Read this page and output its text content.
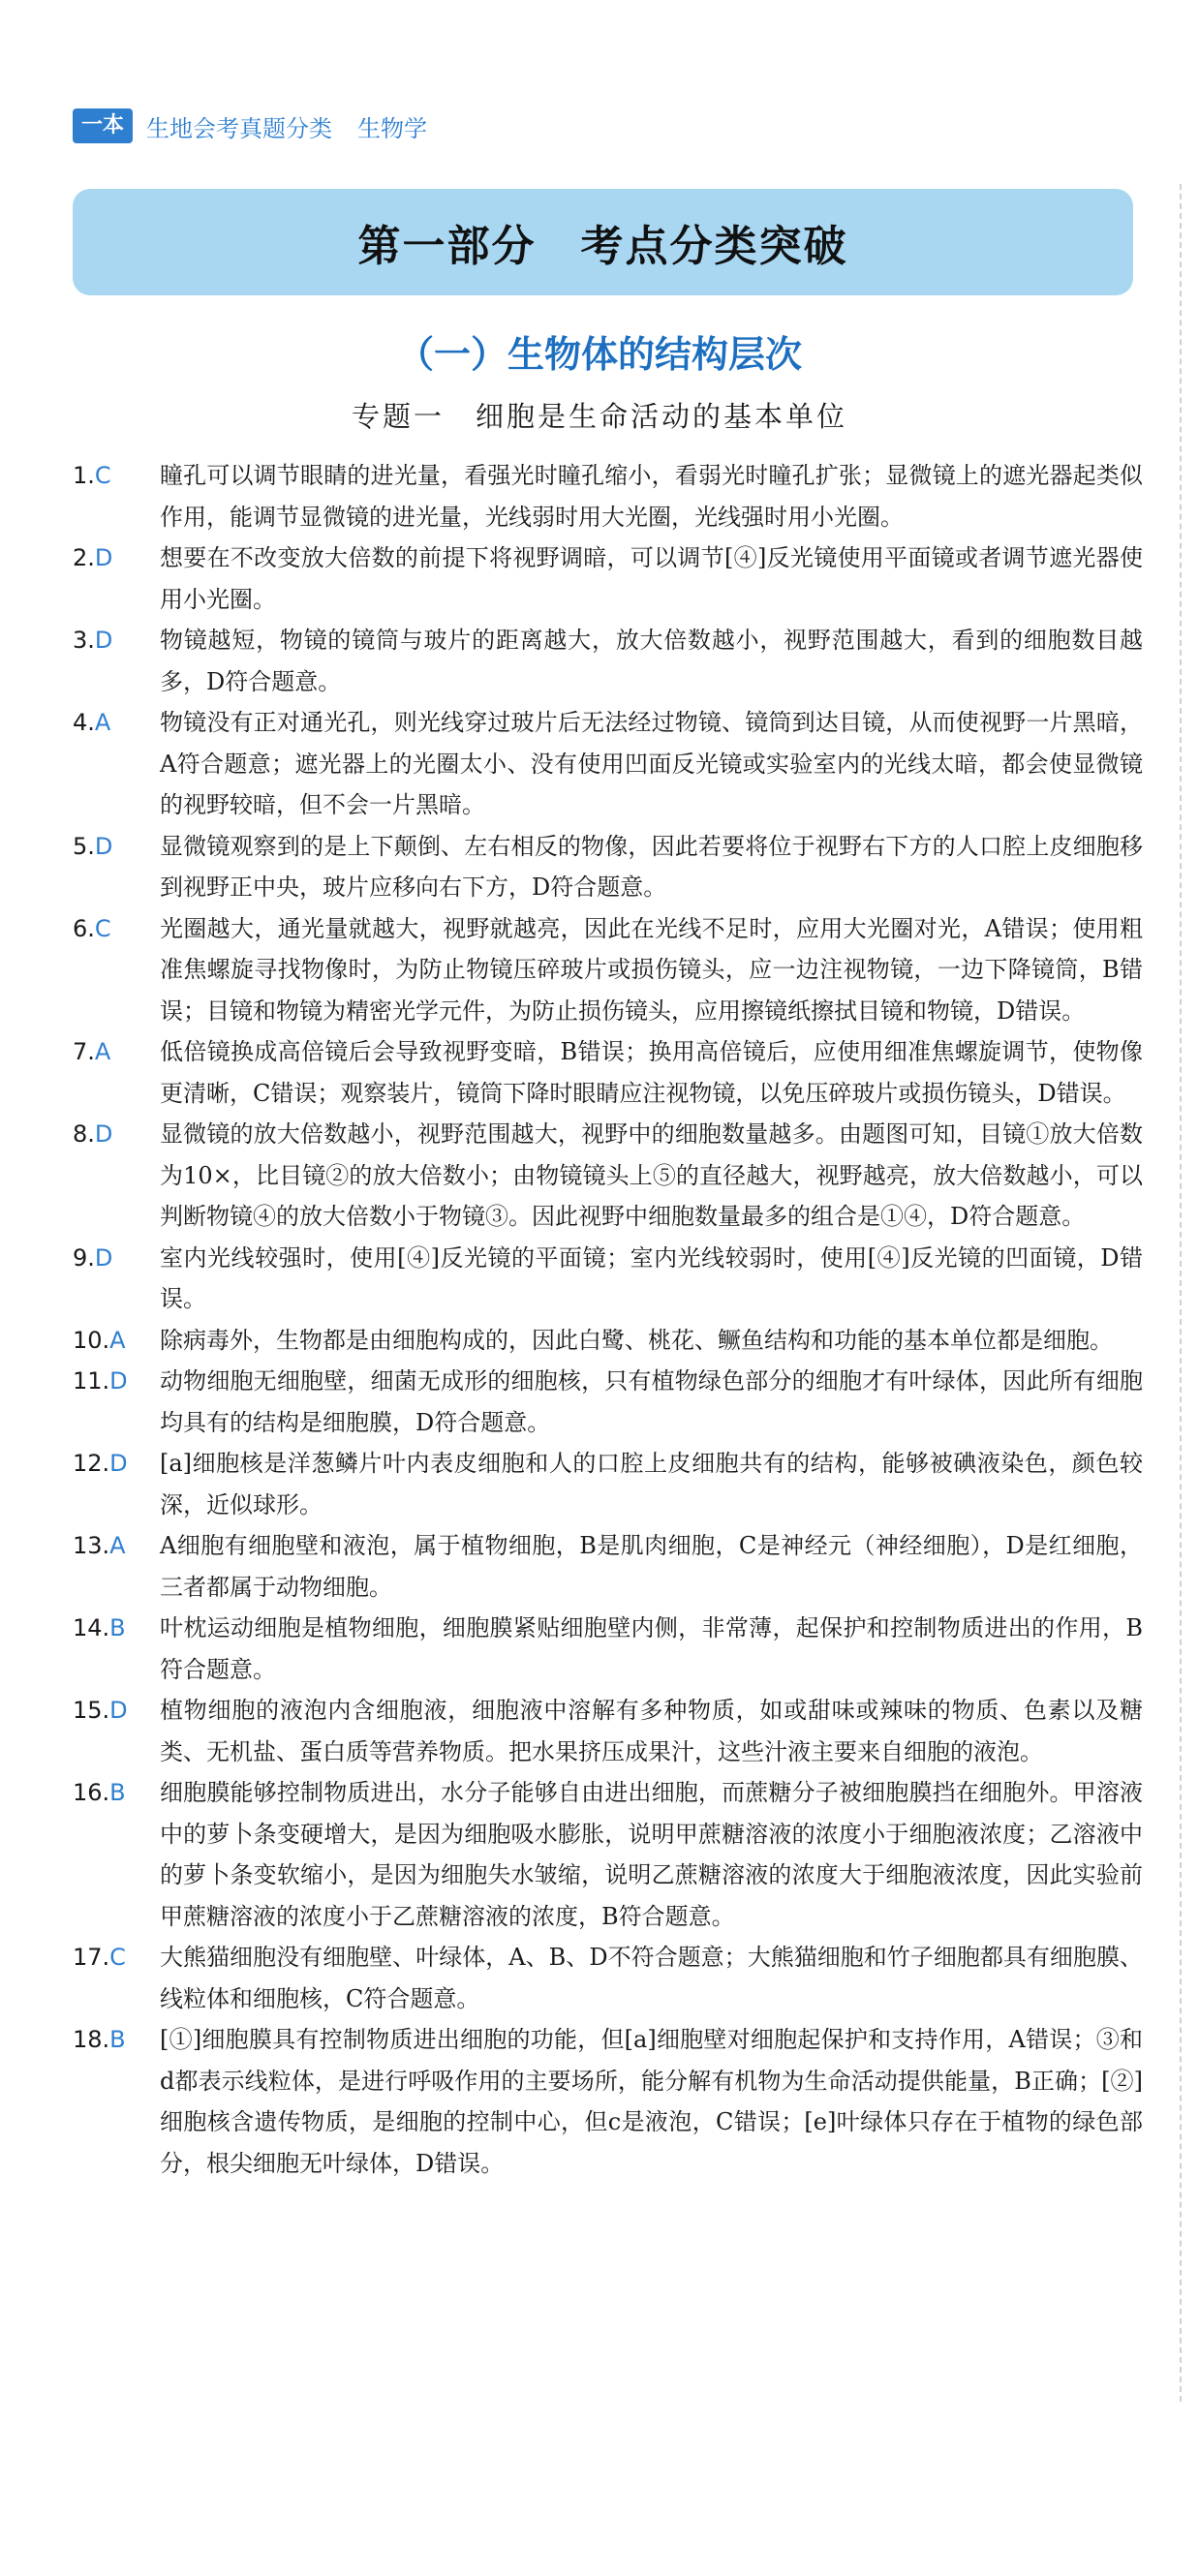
一本 生地会考真题分类 生物学
第一部分　考点分类突破
（一）生物体的结构层次
专题一　细胞是生命活动的基本单位
1.C 瞳孔可以调节眼睛的进光量，看强光时瞳孔缩小，看弱光时瞳孔扩张；显微镜上的遮光器起类似作用，能调节显微镜的进光量，光线弱时用大光圈，光线强时用小光圈。
2.D 想要在不改变放大倍数的前提下将视野调暗，可以调节[④]反光镜使用平面镜或者调节遮光器使用小光圈。
3.D 物镜越短，物镜的镜筒与玻片的距离越大，放大倍数越小，视野范围越大，看到的细胞数目越多，D符合题意。
4.A 物镜没有正对通光孔，则光线穿过玻片后无法经过物镜、镜筒到达目镜，从而使视野一片黑暗，A符合题意；遮光器上的光圈太小、没有使用凹面反光镜或实验室内的光线太暗，都会使显微镜的视野较暗，但不会一片黑暗。
5.D 显微镜观察到的是上下颠倒、左右相反的物像，因此若要将位于视野右下方的人口腔上皮细胞移到视野正中央，玻片应移向右下方，D符合题意。
6.C 光圈越大，通光量就越大，视野就越亮，因此在光线不足时，应用大光圈对光，A错误；使用粗准焦螺旋寻找物像时，为防止物镜压碎玻片或损伤镜头，应一边注视物镜，一边下降镜筒，B错误；目镜和物镜为精密光学元件，为防止损伤镜头，应用擦镜纸擦拭目镜和物镜，D错误。
7.A 低倍镜换成高倍镜后会导致视野变暗，B错误；换用高倍镜后，应使用细准焦螺旋调节，使物像更清晰，C错误；观察装片，镜筒下降时眼睛应注视物镜，以免压碎玻片或损伤镜头，D错误。
8.D 显微镜的放大倍数越小，视野范围越大，视野中的细胞数量越多。由题图可知，目镜①放大倍数为10×，比目镜②的放大倍数小；由物镜镜头上⑤的直径越大，视野越亮，放大倍数越小，可以判断物镜④的放大倍数小于物镜③。因此视野中细胞数量最多的组合是①④，D符合题意。
9.D 室内光线较强时，使用[④]反光镜的平面镜；室内光线较弱时，使用[④]反光镜的凹面镜，D错误。
10.A 除病毒外，生物都是由细胞构成的，因此白鹭、桃花、鳜鱼结构和功能的基本单位都是细胞。
11.D 动物细胞无细胞壁，细菌无成形的细胞核，只有植物绿色部分的细胞才有叶绿体，因此所有细胞均具有的结构是细胞膜，D符合题意。
12.D [a]细胞核是洋葱鳞片叶内表皮细胞和人的口腔上皮细胞共有的结构，能够被碘液染色，颜色较深，近似球形。
13.A A细胞有细胞壁和液泡，属于植物细胞，B是肌肉细胞，C是神经元（神经细胞），D是红细胞，三者都属于动物细胞。
14.B 叶枕运动细胞是植物细胞，细胞膜紧贴细胞壁内侧，非常薄，起保护和控制物质进出的作用，B符合题意。
15.D 植物细胞的液泡内含细胞液，细胞液中溶解有多种物质，如或甜味或辣味的物质、色素以及糖类、无机盐、蛋白质等营养物质。把水果挤压成果汁，这些汁液主要来自细胞的液泡。
16.B 细胞膜能够控制物质进出，水分子能够自由进出细胞，而蔗糖分子被细胞膜挡在细胞外。甲溶液中的萝卜条变硬增大，是因为细胞吸水膨胀，说明甲蔗糖溶液的浓度小于细胞液浓度；乙溶液中的萝卜条变软缩小，是因为细胞失水皱缩，说明乙蔗糖溶液的浓度大于细胞液浓度，因此实验前甲蔗糖溶液的浓度小于乙蔗糖溶液的浓度，B符合题意。
17.C 大熊猫细胞没有细胞壁、叶绿体，A、B、D不符合题意；大熊猫细胞和竹子细胞都具有细胞膜、线粒体和细胞核，C符合题意。
18.B [①]细胞膜具有控制物质进出细胞的功能，但[a]细胞壁对细胞起保护和支持作用，A错误；③和d都表示线粒体，是进行呼吸作用的主要场所，能分解有机物为生命活动提供能量，B正确；[②]细胞核含遗传物质，是细胞的控制中心，但c是液泡，C错误；[e]叶绿体只存在于植物的绿色部分，根尖细胞无叶绿体，D错误。
